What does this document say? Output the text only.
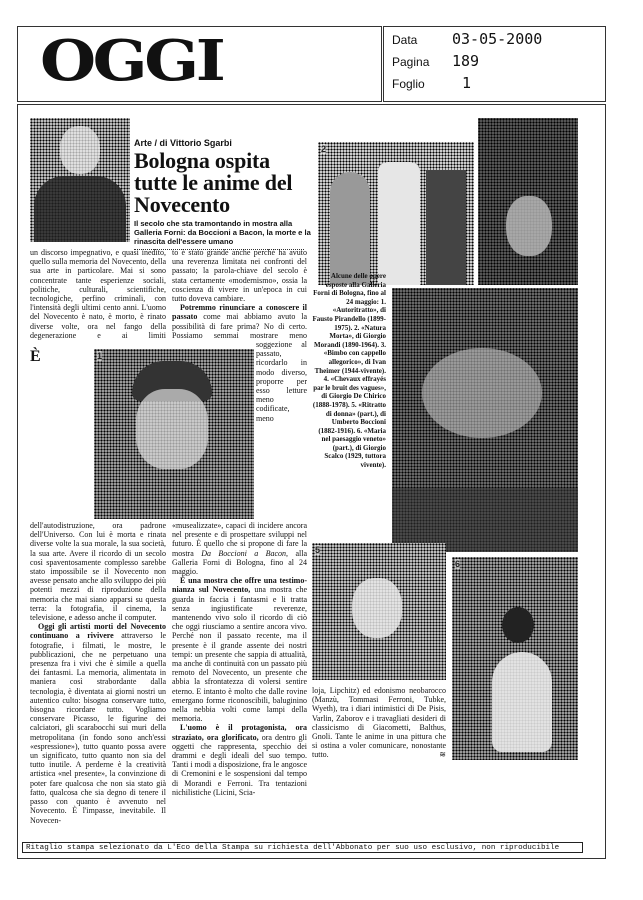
OGGI	Data 03-05-2000
Pagina 189
Foglio 1
Arte / di Vittorio Sgarbi
Bologna ospita tutte le anime del Novecento
Il secolo che sta tramontando in mostra alla Galleria Forni: da Boccioni a Bacon, la morte e la rinascita dell'essere umano
2
1
5
6
Alcune delle opere esposte alla Galleria Forni di Bologna, fino al 24 maggio: 1. «Autoritratto», di Fausto Pirandello (1899-1975). 2. «Natura Morta», di Giorgio Morandi (1890-1964). 3. «Bimbo con cappello allegorico», di Ivan Theimer (1944-vivente). 4. «Chevaux effrayés par le bruit des vagues», di Giorgio De Chirico (1888-1978). 5. «Ritratto di donna» (part.), di Umberto Boccioni (1882-1916). 6. «Maria nel paesaggio veneto» (part.), di Giorgio Scalco (1929, tuttora vivente).

È
un discorso impegnativo, e quasi inedito, quello sulla memoria del Novecento, della sua arte in particolare. Mai si sono concentrate tante esperienze sociali, politiche, culturali, scientifiche, tecnologiche, perfino criminali, con l'intensità degli ultimi cento anni. L'uomo del Novecento è nato, è morto, è rinato diverse volte, ora nel fango della degenerazione e ai limiti dell'autodistruzione, ora padrone dell'Universo. Con lui è morta e rinata diverse volte la sua morale, la sua società, la sua arte. Avere il ricordo di un secolo così spaventosamente complesso sarebbe stato impossibile se il Novecento non avesse pensato anche allo sviluppo dei più potenti mezzi di riproduzione della memoria che mai siano apparsi su questa terra: la fotografia, il cinema, la televisione, e adesso anche il computer.

Oggi gli artisti morti del Novecento continuano a rivivere attraverso le fotografie, i filmati, le mostre, le pubblicazioni, che ne perpetuano una presenza fra i vivi che è simile a quella dei fantasmi. La memoria, alimentata in maniera così strabordante dalla tecnologia, è diventata ai giorni nostri un autentico culto: bisogna conservare tutto, bisogna ricordare tutto. Vogliamo conservare Picasso, le figurine dei calciatori, gli scarabocchi sui muri della metropolitana (in fondo sono anch'essi «espressione»), tutto quanto possa avere un significato, tutto quanto non sia del tutto inutile. A perderne è la creatività artistica «nel presente», la convinzione di poter fare qualcosa che non sia stato già fatto, qualcosa che sia degno di tenere il passo con quanto è avvenuto nel Novecento. È l'impasse, inevitabile. Il Novecen-

to è stato grande anche perché ha avuto una reverenza limitata nei confronti del passato; la parola-chiave del secolo è stata certamente «modernismo», ossia la coscienza di vivere in un'epoca in cui tutto doveva cambiare.

Potremmo rinunciare a conoscere il passato come mai abbiamo avuto la possibilità di fare prima? No di certo. Possiamo semmai mostrare meno soggezione al passato, ricordarlo in modo diverso, proporre per esso letture meno codificate, meno «musealizzate», capaci di incidere ancora nel presente e di prospettare sviluppi nel futuro. È quello che si propone di fare la mostra Da Boccioni a Bacon, alla Galleria Forni di Bologna, fino al 24 maggio.

È una mostra che offre una testimo-nianza sul Novecento, una mostra che guarda in faccia i fantasmi e li tratta senza ingiustificate reverenze, mantenendo vivo solo il ricordo di ciò che oggi riusciamo a sentire ancora vivo. Perché non il passato recente, ma il presente è il grande assente dei nostri tempi: un presente che sappia di attualità, ma anche di continuità con un passato più remoto del Novecento, un presente che abbia la sfrontatezza di volersi sentire eterno. E intanto è molto che dalle rovine emergano forme riconoscibili, baluginino nella nebbia volti come lampi della memoria.

L'uomo è il protagonista, ora straziato, ora glorificato, ora dentro gli oggetti che rappresenta, specchio dei drammi e degli ideali del suo tempo. Tanti i modi a disposizione, fra le angosce di Cremonini e le sospensioni dal tempo di Morandi e Ferroni. Tra tentazioni nichilistiche (Licini, Scia-

loja, Lipchitz) ed edonismo neobarocco (Manzù, Tommasi Ferroni, Tubke, Wyeth), tra i diari intimistici di De Pisis, Varlin, Zaborov e i travagliati desideri di classicismo di Giacometti, Balthus, Gnoli. Tante le anime in una pittura che si ostina a voler comunicare, nonostante tutto.	≋

Ritaglio stampa selezionato da L'Eco della Stampa su richiesta dell'Abbonato per suo uso esclusivo, non riproducibile
